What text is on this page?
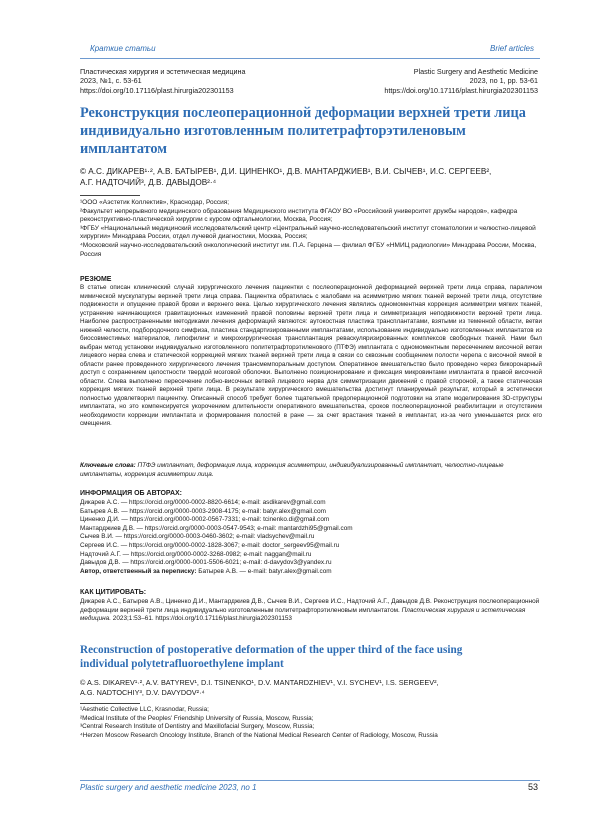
Краткие статьи	Brief articles
Пластическая хирургия и эстетическая медицина
2023, №1, с. 53-61
https://doi.org/10.17116/plast.hirurgia202301153
Plastic Surgery and Aesthetic Medicine
2023, no 1, pp. 53-61
https://doi.org/10.17116/plast.hirurgia202301153
Реконструкция послеоперационной деформации верхней трети лица индивидуально изготовленным политетрафторэтиленовым имплантатом
© А.С. ДИКАРЕВ¹·², А.В. БАТЫРЕВ¹, Д.И. ЦИНЕНКО¹, Д.В. МАНТАРДЖИЕВ¹, В.И. СЫЧЕВ¹, И.С. СЕРГЕЕВ²,
А.Г. НАДТОЧИЙ³, Д.В. ДАВЫДОВ²·⁴
¹ООО «Аэстетик Коллектив», Краснодар, Россия;
²Факультет непрерывного медицинского образования Медицинского института ФГАОУ ВО «Российский университет дружбы народов», кафедра реконструктивно-пластической хирургии с курсом офтальмологии, Москва, Россия;
³ФГБУ «Национальный медицинский исследовательский центр «Центральный научно-исследовательский институт стоматологии и челюстно-лицевой хирургии» Минздрава России, отдел лучевой диагностики, Москва, Россия;
⁴Московский научно-исследовательский онкологический институт им. П.А. Герцена — филиал ФГБУ «НМИЦ радиологии» Минздрава России, Москва, Россия
РЕЗЮМЕ
В статье описан клинический случай хирургического лечения пациентки с послеоперационной деформацией верхней трети лица справа, параличом мимической мускулатуры верхней трети лица справа. Пациентка обратилась с жалобами на асимметрию мягких тканей верхней трети лица, отсутствие подвижности и опущение правой брови и верхнего века. Целью хирургического лечения являлись одномоментная коррекция асимметрии мягких тканей, устранение начинающихся гравитационных изменений правой половины верхней трети лица и симметризация неподвижности верхней трети лица. Наиболее распространенными методиками лечения деформаций являются: аутокостная пластика трансплантатами, взятыми из теменной области, ветви нижней челюсти, подбородочного симфиза, пластика стандартизированными имплантатами, использование индивидуально изготовленных имплантатов из биосовместимых материалов, липофилинг и микрохирургическая трансплантация реваскуляризированных комплексов свободных тканей. Нами был выбран метод установки индивидуально изготовленного политетрафторэтиленового (ПТФЭ) имплантата с одномоментным пересечением височной ветви лицевого нерва слева и статической коррекцией мягких тканей верхней трети лица в связи со сквозным сообщением полости черепа с височной ямкой в области ранее проведенного хирургического лечения трансмемпоральным доступом. Оперативное вмешательство было проведено через бикоронарный доступ с сохранением целостности твердой мозговой оболочки. Выполнено позиционирование и фиксация микровинтами имплантата в правой височной области. Слева выполнено пересечение лобно-височных ветвей лицевого нерва для симметризации движений с правой стороной, а также статическая коррекция мягких тканей верхней трети лица. В результате хирургического вмешательства достигнут планируемый результат, который в эстетически полностью удовлетворил пациентку. Описанный способ требует более тщательной предоперационной подготовки на этапе моделирования 3D-структуры имплантата, но это компенсируется укорочением длительности оперативного вмешательства, сроков послеоперационной реабилитации и отсутствием необходимости коррекции имплантата и формирования полостей в ране — за счет врастания тканей в имплантат, из-за чего уменьшается риск его смещения.
Ключевые слова: ПТФЭ имплантат, деформация лица, коррекция асимметрии, индивидуализированный имплантат, челюстно-лицевые имплантаты, коррекция асимметрии лица.
ИНФОРМАЦИЯ ОБ АВТОРАХ:
Дикарев А.С. — https://orcid.org/0000-0002-8820-6614; e-mail: asdikarev@gmail.com
Батырев А.В. — https://orcid.org/0000-0003-2908-4175; e-mail: batyr.alex@gmail.com
Циненко Д.И. — https://orcid.org/0000-0002-0567-7331; e-mail: tcinenko.di@gmail.com
Мантарджиев Д.В. — https://orcid.org/0000-0003-0547-9543; e-mail: mantardzhi95@gmail.com
Сычев В.И. — https://orcid.org/0000-0003-0460-3602; e-mail: vladsychev@mail.ru
Сергеев И.С. — https://orcid.org/0000-0002-1828-3067; e-mail: doctor_sergeev95@mail.ru
Надточий А.Г. — https://orcid.org/0000-0002-3268-0982; e-mail: naggan@mail.ru
Давыдов Д.В. — https://orcid.org/0000-0001-5506-6021; e-mail: d-davydov3@yandex.ru
Автор, ответственный за переписку: Батырев А.В. — e-mail: batyr.alex@gmail.com
КАК ЦИТИРОВАТЬ:
Дикарев А.С., Батырев А.В., Циненко Д.И., Мантарджиев Д.В., Сычев В.И., Сергеев И.С., Надточий А.Г., Давыдов Д.В. Реконструкция послеоперационной деформации верхней трети лица индивидуально изготовленным политетрафторэтиленовым имплантатом. Пластическая хирургия и эстетическая медицина. 2023;1:53–61. https://doi.org/10.17116/plast.hirurgia202301153
Reconstruction of postoperative deformation of the upper third of the face using individual polytetrafluoroethylene implant
© A.S. DIKAREV¹·², A.V. BATYREV¹, D.I. TSINENKO¹, D.V. MANTARDZHIEV¹, V.I. SYCHEV¹, I.S. SERGEEV²,
A.G. NADTOCHIY³, D.V. DAVYDOV²·⁴
¹Aesthetic Collective LLC, Krasnodar, Russia;
²Medical Institute of the Peoples' Friendship University of Russia, Moscow, Russia;
³Central Research Institute of Dentistry and Maxillofacial Surgery, Moscow, Russia;
⁴Herzen Moscow Research Oncology Institute, Branch of the National Medical Research Center of Radiology, Moscow, Russia
Plastic surgery and aesthetic medicine 2023, no 1	53
